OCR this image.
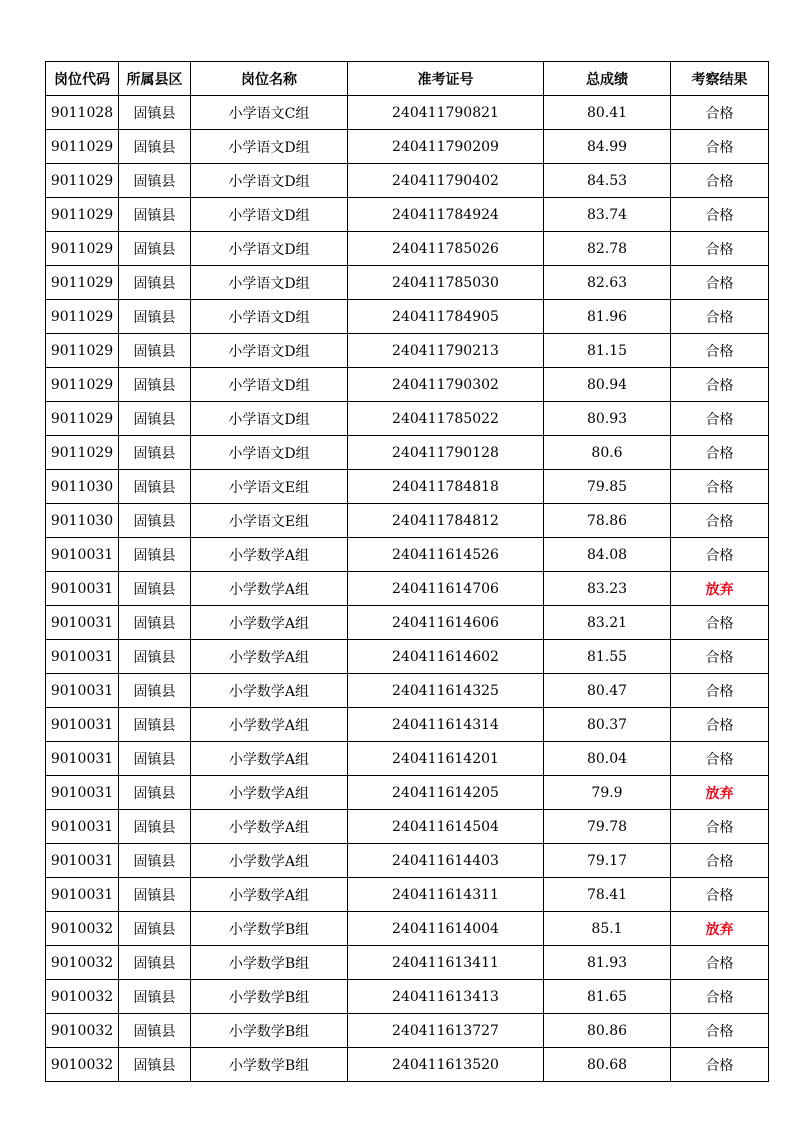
岗位代码	所属县区	岗位名称	准考证号	总成绩	考察结果
9011028	固镇县	小学语文C组	240411790821	80.41	合格
9011029	固镇县	小学语文D组	240411790209	84.99	合格
9011029	固镇县	小学语文D组	240411790402	84.53	合格
9011029	固镇县	小学语文D组	240411784924	83.74	合格
9011029	固镇县	小学语文D组	240411785026	82.78	合格
9011029	固镇县	小学语文D组	240411785030	82.63	合格
9011029	固镇县	小学语文D组	240411784905	81.96	合格
9011029	固镇县	小学语文D组	240411790213	81.15	合格
9011029	固镇县	小学语文D组	240411790302	80.94	合格
9011029	固镇县	小学语文D组	240411785022	80.93	合格
9011029	固镇县	小学语文D组	240411790128	80.6	合格
9011030	固镇县	小学语文E组	240411784818	79.85	合格
9011030	固镇县	小学语文E组	240411784812	78.86	合格
9010031	固镇县	小学数学A组	240411614526	84.08	合格
9010031	固镇县	小学数学A组	240411614706	83.23	放弃
9010031	固镇县	小学数学A组	240411614606	83.21	合格
9010031	固镇县	小学数学A组	240411614602	81.55	合格
9010031	固镇县	小学数学A组	240411614325	80.47	合格
9010031	固镇县	小学数学A组	240411614314	80.37	合格
9010031	固镇县	小学数学A组	240411614201	80.04	合格
9010031	固镇县	小学数学A组	240411614205	79.9	放弃
9010031	固镇县	小学数学A组	240411614504	79.78	合格
9010031	固镇县	小学数学A组	240411614403	79.17	合格
9010031	固镇县	小学数学A组	240411614311	78.41	合格
9010032	固镇县	小学数学B组	240411614004	85.1	放弃
9010032	固镇县	小学数学B组	240411613411	81.93	合格
9010032	固镇县	小学数学B组	240411613413	81.65	合格
9010032	固镇县	小学数学B组	240411613727	80.86	合格
9010032	固镇县	小学数学B组	240411613520	80.68	合格
